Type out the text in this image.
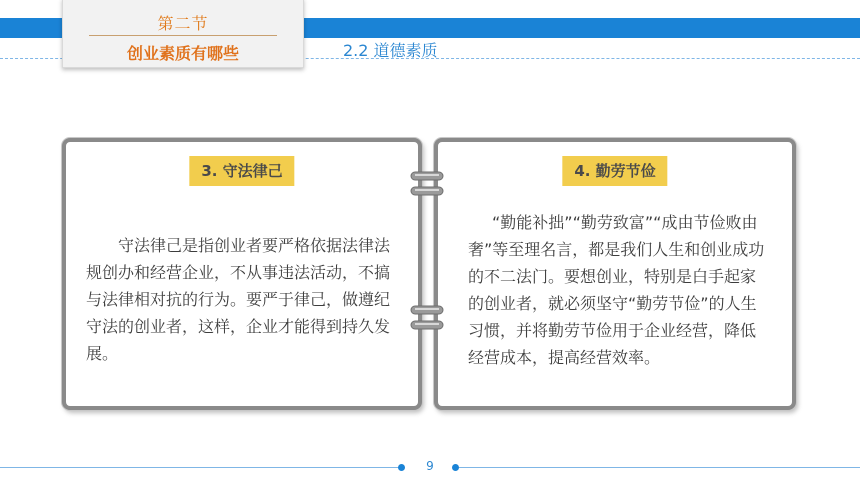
第二节
创业素质有哪些	2.2 道德素质
3. 守法律己
守法律己是指创业者要严格依据法律法规创办和经营企业，不从事违法活动，不搞与法律相对抗的行为。要严于律己，做遵纪守法的创业者，这样，企业才能得到持久发展。
4. 勤劳节俭
“勤能补拙”“勤劳致富”“成由节俭败由奢”等至理名言，都是我们人生和创业成功的不二法门。要想创业，特别是白手起家的创业者，就必须坚守“勤劳节俭”的人生习惯，并将勤劳节俭用于企业经营，降低经营成本，提高经营效率。
9
